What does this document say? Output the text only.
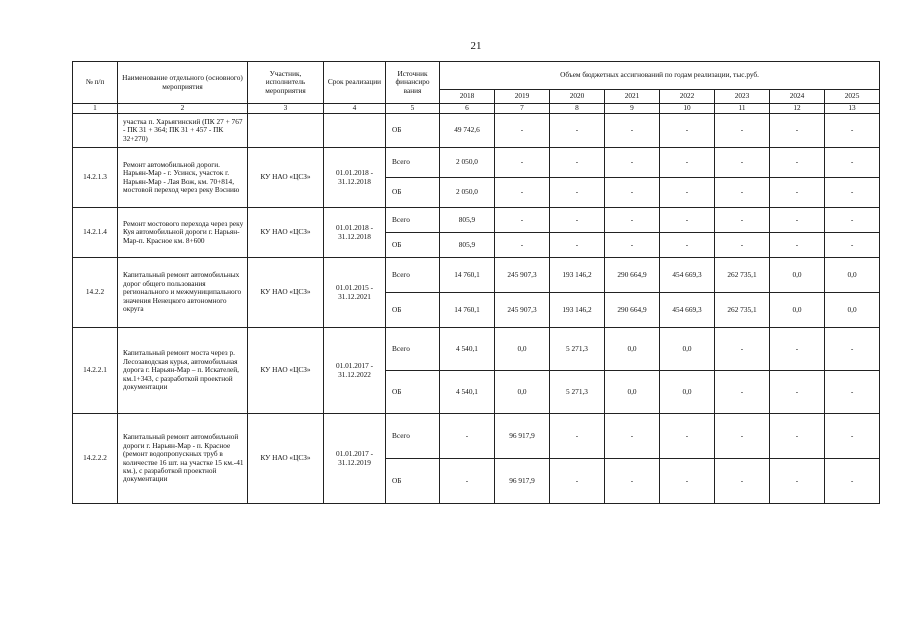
21
№ п/п	Наименование отдельного (основного) мероприятия	Участник, исполнитель мероприятия	Срок реализации	Источник финансиро вания	Объем бюджетных ассигнований по годам реализации, тыс.руб.							
					2018	2019	2020	2021	2022	2023	2024	2025
1	2	3	4	5	6	7	8	9	10	11	12	13
	участка п. Харьягинский (ПК 27 + 767 - ПК 31 + 364; ПК 31 + 457 - ПК 32+270)			ОБ	49 742,6	-	-	-	-	-	-	-
14.2.1.3	Ремонт автомобильной дороги. Нарьян-Мар - г. Усинск, участок г. Нарьян-Мар - Лая Вож, км. 70+814, мостовой переход через реку Вэснию	КУ НАО «ЦСЗ»	01.01.2018 - 31.12.2018	Всего	2 050,0	-	-	-	-	-	-	-
				ОБ	2 050,0	-	-	-	-	-	-	-
14.2.1.4	Ремонт мостового перехода через реку Куя автомобильной дороги г. Нарьян-Мар-п. Красное км. 8+600	КУ НАО «ЦСЗ»	01.01.2018 - 31.12.2018	Всего	805,9	-	-	-	-	-	-	-
				ОБ	805,9	-	-	-	-	-	-	-
14.2.2	Капитальный ремонт автомобильных дорог общего пользования регионального и межмуниципального значения Ненецкого автономного округа	КУ НАО «ЦСЗ»	01.01.2015 - 31.12.2021	Всего	14 760,1	245 907,3	193 146,2	290 664,9	454 669,3	262 735,1	0,0	0,0
				ОБ	14 760,1	245 907,3	193 146,2	290 664,9	454 669,3	262 735,1	0,0	0,0
14.2.2.1	Капитальный ремонт моста через р. Лесозаводская курья, автомобильная дорога г. Нарьян-Мар – п. Искателей, км.1+343, с разработкой проектной документации	КУ НАО «ЦСЗ»	01.01.2017 - 31.12.2022	Всего	4 540,1	0,0	5 271,3	0,0	0,0	-	-	-
				ОБ	4 540,1	0,0	5 271,3	0,0	0,0	-	-	-
14.2.2.2	Капитальный ремонт автомобильной дороги г. Нарьян-Мар - п. Красное (ремонт водопропускных труб в количестве 16 шт. на участке 15 км.-41 км.), с разработкой проектной документации	КУ НАО «ЦСЗ»	01.01.2017 - 31.12.2019	Всего	-	96 917,9	-	-	-	-	-	-
				ОБ	-	96 917,9	-	-	-	-	-	-
